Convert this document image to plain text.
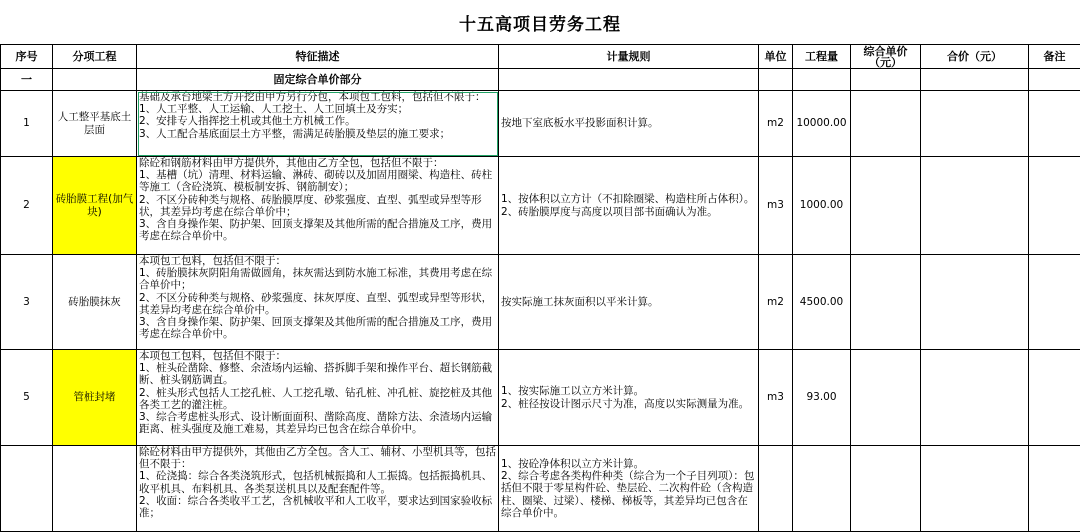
十五高项目劳务工程
序号	分项工程	特征描述	计量规则	单位	工程量	综合单价（元）	合价（元）	备注
一		固定综合单价部分						
1	人工整平基底土层面	基础及承台地梁土方开挖由甲方另行分包，本项包工包料，包括但不限于：
1、人工平整、人工运输、人工挖土、人工回填土及夯实；
2、安排专人指挥挖土机或其他土方机械工作。
3、人工配合基底面层土方平整，需满足砖胎膜及垫层的施工要求；	按地下室底板水平投影面积计算。	m2	10000.00			
2	砖胎膜工程(加气块)	除砼和钢筋材料由甲方提供外，其他由乙方全包，包括但不限于：
1、基槽（坑）清理、材料运输、淋砖、砌砖以及加固用圈梁、构造柱、砖柱等施工（含砼浇筑、模板制安拆、钢筋制安）；
2、不区分砖种类与规格、砖胎膜厚度、砂浆强度、直型、弧型或异型等形状，其差异均考虑在综合单价中；
3、含自身操作架、防护架、回顶支撑架及其他所需的配合措施及工序，费用考虑在综合单价中。	1、按体积以立方计（不扣除圈梁、构造柱所占体积）。
2、砖胎膜厚度与高度以项目部书面确认为准。	m3	1000.00			
3	砖胎膜抹灰	本项包工包料，包括但不限于：
1、砖胎膜抹灰阴阳角需做圆角，抹灰需达到防水施工标准，其费用考虑在综合单价中；
2、不区分砖种类与规格、砂浆强度、抹灰厚度、直型、弧型或异型等形状，其差异均考虑在综合单价中。
3、含自身操作架、防护架、回顶支撑架及其他所需的配合措施及工序，费用考虑在综合单价中。	按实际施工抹灰面积以平米计算。	m2	4500.00			
5	管桩封堵	本项包工包料，包括但不限于：
1、桩头砼凿除、修整、余渣场内运输、搭拆脚手架和操作平台、超长钢筋截断、桩头钢筋调直。
2、桩头形式包括人工挖孔桩、人工挖孔墩、钻孔桩、冲孔桩、旋挖桩及其他各类工艺的灌注桩。
3、综合考虑桩头形式、设计断面面积、凿除高度、凿除方法、余渣场内运输距离、桩头强度及施工难易，其差异均已包含在综合单价中。	1、按实际施工以立方米计算。
2、桩径按设计图示尺寸为准，高度以实际测量为准。	m3	93.00			
		除砼材料由甲方提供外，其他由乙方全包。含人工、辅材、小型机具等，包括但不限于：
1、砼浇捣：综合各类浇筑形式，包括机械振捣和人工振捣。包括振捣机具、收平机具、布料机具、各类泵送机具以及配套配件等。
2、收面：综合各类收平工艺，含机械收平和人工收平，要求达到国家验收标准；	1、按砼净体积以立方米计算。
2、综合考虑各类构件种类（综合为一个子目列项）：包括但不限于零星构件砼、垫层砼、二次构件砼（含构造柱、圈梁、过梁）、楼梯、梯板等，其差异均已包含在综合单价中。					
